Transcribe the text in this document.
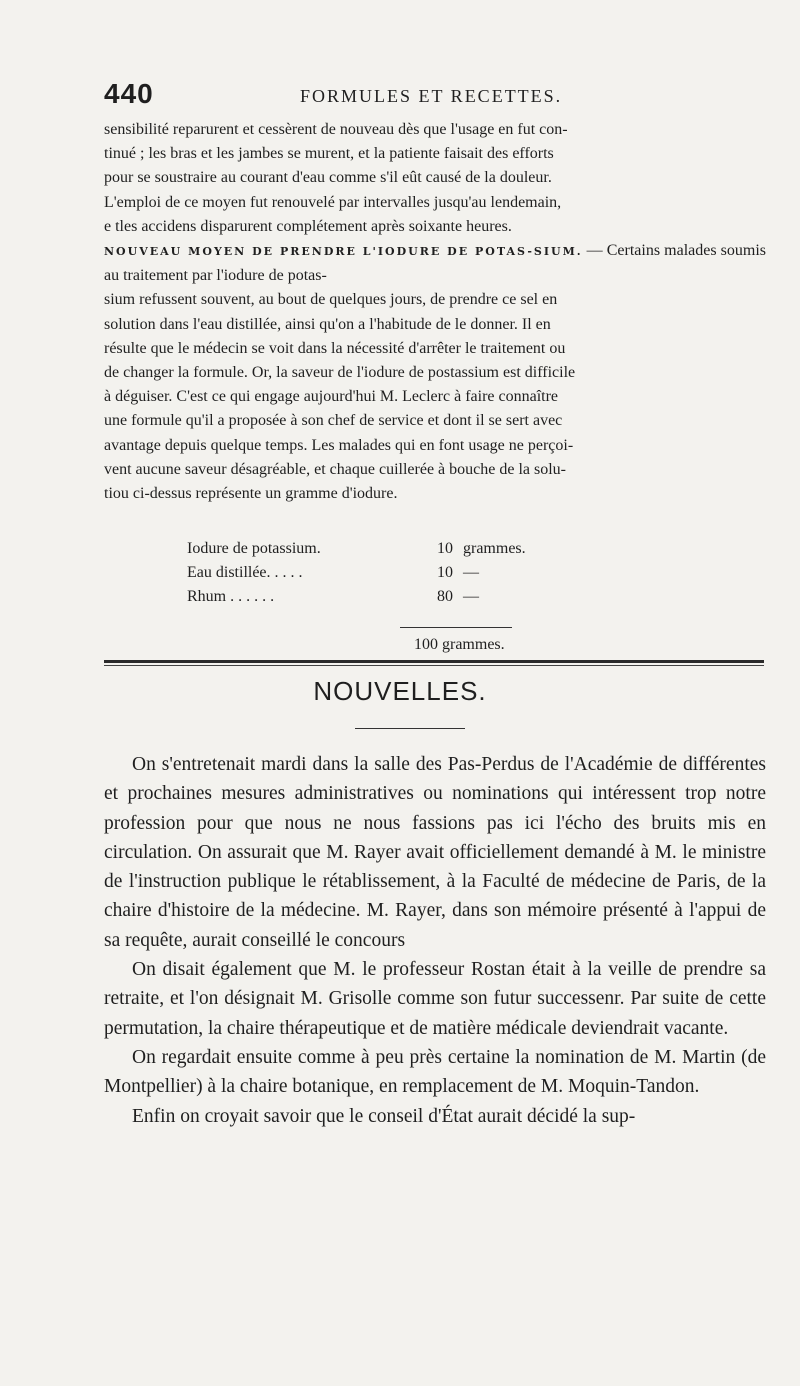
440	FORMULES ET RECETTES.

sensibilité reparurent et cessèrent de nouveau dès que l'usage en fut con-

tinué ; les bras et les jambes se murent, et la patiente faisait des efforts

pour se soustraire au courant d'eau comme s'il eût causé de la douleur.

L'emploi de ce moyen fut renouvelé par intervalles jusqu'au lendemain,

e tles accidens disparurent complétement après soixante heures.

NOUVEAU MOYEN DE PRENDRE L'IODURE DE POTAS-SIUM. — Certains malades soumis au traitement par l'iodure de potas-

sium refussent souvent, au bout de quelques jours, de prendre ce sel en

solution dans l'eau distillée, ainsi qu'on a l'habitude de le donner. Il en

résulte que le médecin se voit dans la nécessité d'arrêter le traitement ou

de changer la formule. Or, la saveur de l'iodure de postassium est difficile

à déguiser. C'est ce qui engage aujourd'hui M. Leclerc à faire connaître

une formule qu'il a proposée à son chef de service et dont il se sert avec

avantage depuis quelque temps. Les malades qui en font usage ne perçoi-

vent aucune saveur désagréable, et chaque cuillerée à bouche de la solu-

tiou ci-dessus représente un gramme d'iodure.

Iodure de potassium.	10 grammes.
Eau distillée. . . . .	10 —
Rhum . . . . . .	80 —
100 grammes.
NOUVELLES.

On s'entretenait mardi dans la salle des Pas-Perdus de l'Académie de différentes et prochaines mesures administratives ou nominations qui intéressent trop notre profession pour que nous ne nous fassions pas ici l'écho des bruits mis en circulation. On assurait que M. Rayer avait officiellement demandé à M. le ministre de l'instruction publique le rétablissement, à la Faculté de médecine de Paris, de la chaire d'histoire de la médecine. M. Rayer, dans son mémoire présenté à l'appui de sa requête, aurait conseillé le concours

On disait également que M. le professeur Rostan était à la veille de prendre sa retraite, et l'on désignait M. Grisolle comme son futur successenr. Par suite de cette permutation, la chaire thérapeutique et de matière médicale deviendrait vacante.

On regardait ensuite comme à peu près certaine la nomination de M. Martin (de Montpellier) à la chaire botanique, en remplacement de M. Moquin-Tandon.

Enfin on croyait savoir que le conseil d'État aurait décidé la sup-
